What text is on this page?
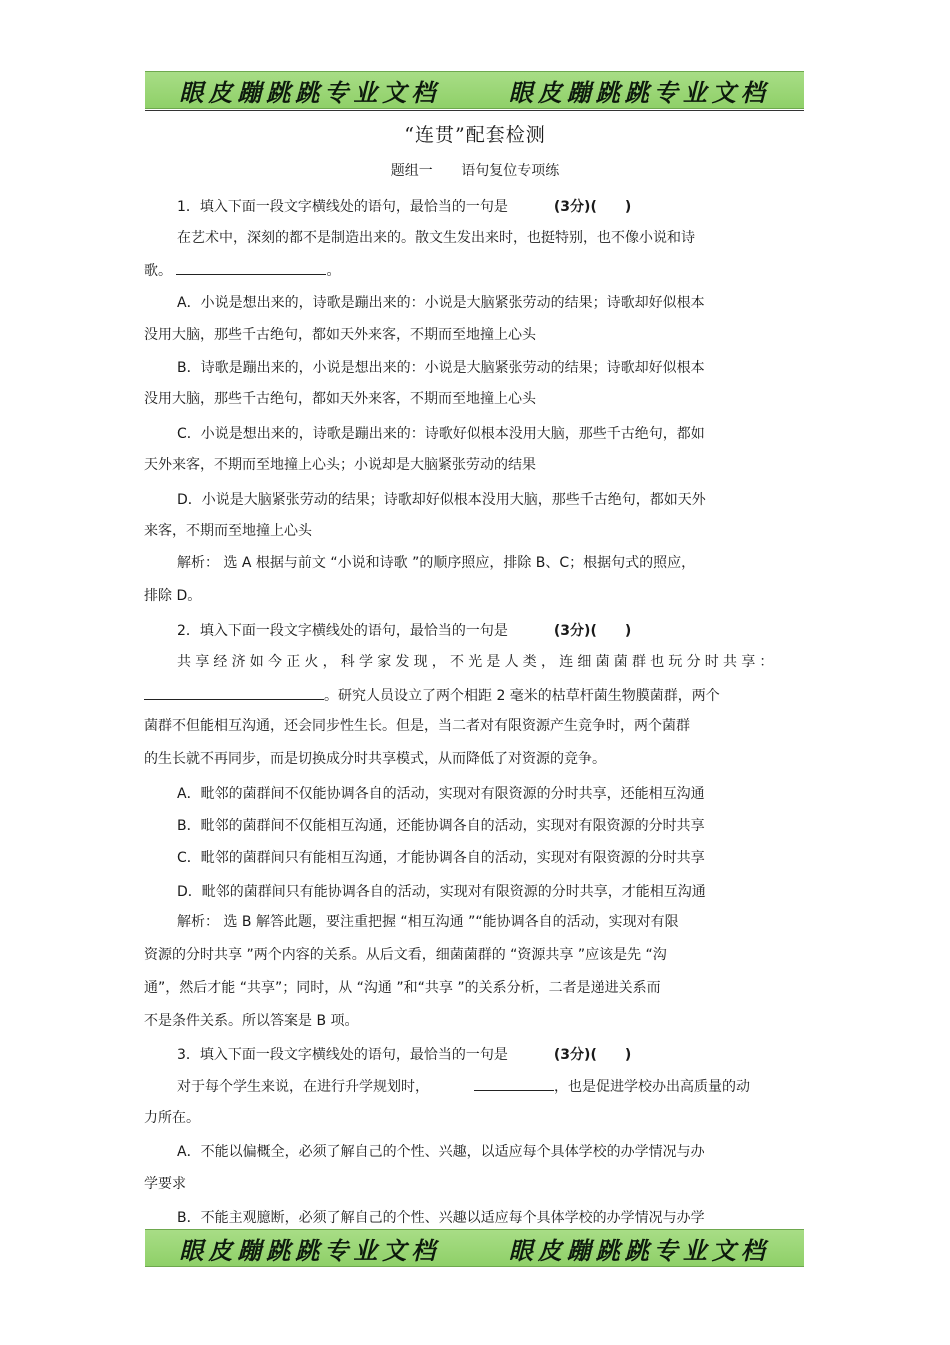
眼皮蹦跳跳专业文档	眼皮蹦跳跳专业文档
“连贯”配套检测
题组一 语句复位专项练
1．填入下面一段文字横线处的语句，最恰当的一句是	(3分)(　　)
在艺术中，深刻的都不是制造出来的。散文生发出来时，也挺特别，也不像小说和诗
歌。	。
A．小说是想出来的，诗歌是蹦出来的：小说是大脑紧张劳动的结果；诗歌却好似根本
没用大脑，那些千古绝句，都如天外来客，不期而至地撞上心头
B．诗歌是蹦出来的，小说是想出来的：小说是大脑紧张劳动的结果；诗歌却好似根本
没用大脑，那些千古绝句，都如天外来客，不期而至地撞上心头
C．小说是想出来的，诗歌是蹦出来的：诗歌好似根本没用大脑，那些千古绝句，都如
天外来客，不期而至地撞上心头；小说却是大脑紧张劳动的结果
D．小说是大脑紧张劳动的结果；诗歌却好似根本没用大脑，那些千古绝句，都如天外
来客，不期而至地撞上心头
解析： 选 A 根据与前文 “小说和诗歌 ”的顺序照应，排除 B、C；根据句式的照应，
排除 D。
2．填入下面一段文字横线处的语句，最恰当的一句是	(3分)(　　)
共享经济如今正火，科学家发现，不光是人类，连细菌菌群也玩分时共享：
。研究人员设立了两个相距 2 毫米的枯草杆菌生物膜菌群，两个
菌群不但能相互沟通，还会同步性生长。但是，当二者对有限资源产生竞争时，两个菌群
的生长就不再同步，而是切换成分时共享模式，从而降低了对资源的竞争。
A．毗邻的菌群间不仅能协调各自的活动，实现对有限资源的分时共享，还能相互沟通
B．毗邻的菌群间不仅能相互沟通，还能协调各自的活动，实现对有限资源的分时共享
C．毗邻的菌群间只有能相互沟通，才能协调各自的活动，实现对有限资源的分时共享
D．毗邻的菌群间只有能协调各自的活动，实现对有限资源的分时共享，才能相互沟通
解析： 选 B 解答此题，要注重把握 “相互沟通 ”“能协调各自的活动，实现对有限
资源的分时共享 ”两个内容的关系。从后文看，细菌菌群的 “资源共享 ”应该是先 “沟
通”，然后才能 “共享”；同时，从 “沟通 ”和“共享 ”的关系分析，二者是递进关系而
不是条件关系。所以答案是 B 项。
3．填入下面一段文字横线处的语句，最恰当的一句是	(3分)(　　)
对于每个学生来说，在进行升学规划时，	，也是促进学校办出高质量的动
力所在。
A．不能以偏概全，必须了解自己的个性、兴趣，以适应每个具体学校的办学情况与办
学要求
B．不能主观臆断，必须了解自己的个性、兴趣以适应每个具体学校的办学情况与办学
眼皮蹦跳跳专业文档	眼皮蹦跳跳专业文档
